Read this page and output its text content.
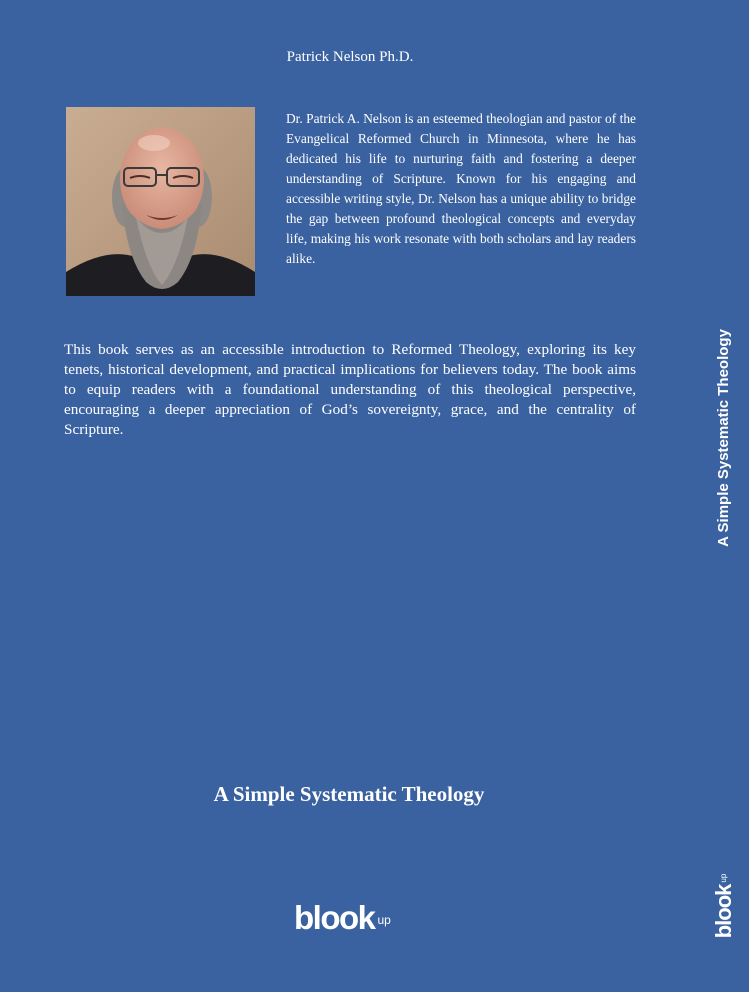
Patrick Nelson Ph.D.

Dr. Patrick A. Nelson is an esteemed theologian and pastor of the Evangelical Reformed Church in Minnesota, where he has dedicated his life to nurturing faith and fostering a deeper understanding of Scripture. Known for his engaging and accessible writing style, Dr. Nelson has a unique ability to bridge the gap between profound theological concepts and everyday life, making his work resonate with both scholars and lay readers alike.

This book serves as an accessible introduction to Reformed Theology, exploring its key tenets, historical development, and practical implications for believers today. The book aims to equip readers with a foundational understanding of this theological perspective, encouraging a deeper appreciation of God’s sovereignty, grace, and the centrality of Scripture.

A Simple Systematic Theology
blook $^{up}$
A Simple Systematic Theology
blook$^{up}$
